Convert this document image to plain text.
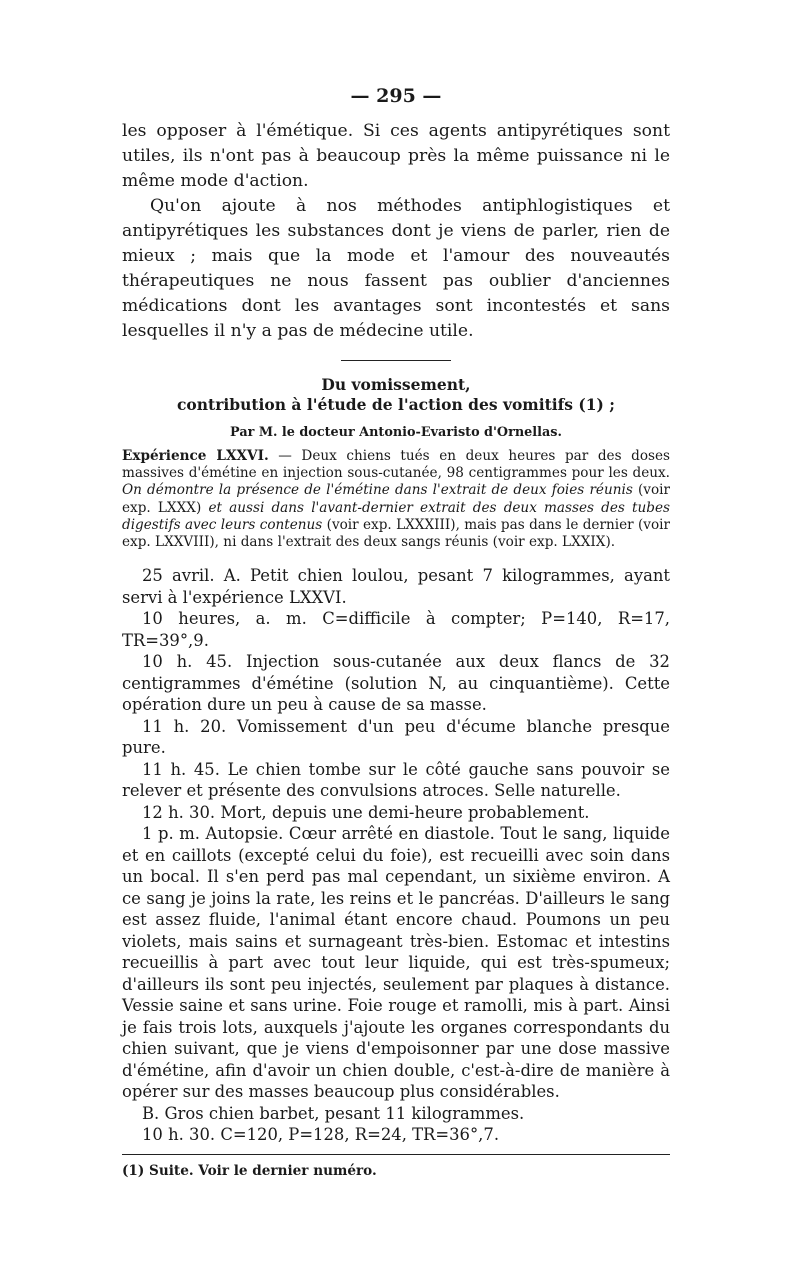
— 295 —

les opposer à l'émétique. Si ces agents antipyrétiques sont utiles, ils n'ont pas à beaucoup près la même puissance ni le même mode d'action.

Qu'on ajoute à nos méthodes antiphlogistiques et antipyrétiques les substances dont je viens de parler, rien de mieux ; mais que la mode et l'amour des nouveautés thérapeutiques ne nous fassent pas oublier d'anciennes médications dont les avantages sont incontestés et sans lesquelles il n'y a pas de médecine utile.

Du vomissement,

contribution à l'étude de l'action des vomitifs (1) ;

Par M. le docteur Antonio-Evaristo d'Ornellas.

Expérience LXXVI. — Deux chiens tués en deux heures par des doses massives d'émétine en injection sous-cutanée, 98 centigrammes pour les deux. On démontre la présence de l'émétine dans l'extrait de deux foies réunis (voir exp. LXXX) et aussi dans l'avant-dernier extrait des deux masses des tubes digestifs avec leurs contenus (voir exp. LXXXIII), mais pas dans le dernier (voir exp. LXXVIII), ni dans l'extrait des deux sangs réunis (voir exp. LXXIX).

25 avril. A. Petit chien loulou, pesant 7 kilogrammes, ayant servi à l'expérience LXXVI.

10 heures, a. m. C=difficile à compter; P=140, R=17, TR=39°,9.

10 h. 45. Injection sous-cutanée aux deux flancs de 32 centigrammes d'émétine (solution N, au cinquantième). Cette opération dure un peu à cause de sa masse.

11 h. 20. Vomissement d'un peu d'écume blanche presque pure.

11 h. 45. Le chien tombe sur le côté gauche sans pouvoir se relever et présente des convulsions atroces. Selle naturelle.

12 h. 30. Mort, depuis une demi-heure probablement.

1 p. m. Autopsie. Cœur arrêté en diastole. Tout le sang, liquide et en caillots (excepté celui du foie), est recueilli avec soin dans un bocal. Il s'en perd pas mal cependant, un sixième environ. A ce sang je joins la rate, les reins et le pancréas. D'ailleurs le sang est assez fluide, l'animal étant encore chaud. Poumons un peu violets, mais sains et surnageant très-bien. Estomac et intestins recueillis à part avec tout leur liquide, qui est très-spumeux; d'ailleurs ils sont peu injectés, seulement par plaques à distance. Vessie saine et sans urine. Foie rouge et ramolli, mis à part. Ainsi je fais trois lots, auxquels j'ajoute les organes correspondants du chien suivant, que je viens d'empoisonner par une dose massive d'émétine, afin d'avoir un chien double, c'est-à-dire de manière à opérer sur des masses beaucoup plus considérables.

B. Gros chien barbet, pesant 11 kilogrammes.

10 h. 30. C=120, P=128, R=24, TR=36°,7.

(1) Suite. Voir le dernier numéro.
